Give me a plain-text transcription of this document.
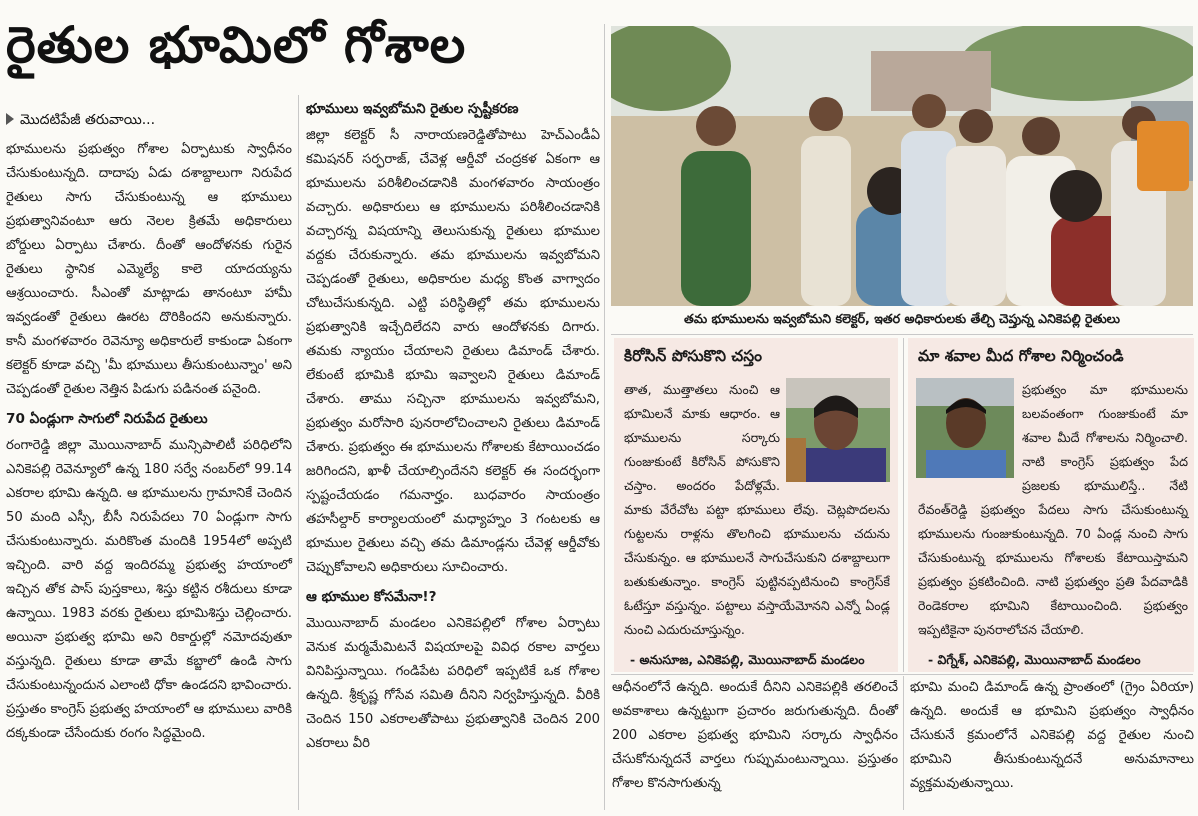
రైతుల భూమిలో గోశాల
మొదటిపేజీ తరువాయి...

భూములను ప్రభుత్వం గోశాల ఏర్పాటుకు స్వాధీనం చేసుకుంటున్నది. దాదాపు ఏడు దశాబ్దాలుగా నిరుపేద రైతులు సాగు చేసుకుంటున్న ఆ భూములు ప్రభుత్వానివంటూ ఆరు నెలల క్రితమే అధికారులు బోర్డులు ఏర్పాటు చేశారు. దీంతో ఆందోళనకు గురైన రైతులు స్థానిక ఎమ్మెల్యే కాలె యాదయ్యను ఆశ్రయించారు. సీఎంతో మాట్లాడు తానంటూ హామీ ఇవ్వడంతో రైతులు ఊరట దొరికిందని అనుకున్నారు. కానీ మంగళవారం రెవెన్యూ అధికారులే కాకుండా ఏకంగా కలెక్టర్ కూడా వచ్చి 'మీ భూములు తీసుకుంటున్నాం' అని చెప్పడంతో రైతుల నెత్తిన పిడుగు పడినంత పనైంది.

70 ఏండ్లుగా సాగులో నిరుపేద రైతులు

రంగారెడ్డి జిల్లా మొయినాబాద్ మున్సిపాలిటీ పరిధిలోని ఎనికెపల్లి రెవెన్యూలో ఉన్న 180 సర్వే నంబర్‌లో 99.14 ఎకరాల భూమి ఉన్నది. ఆ భూములను గ్రామానికే చెందిన 50 మంది ఎస్సీ, బీసీ నిరుపేదలు 70 ఏండ్లుగా సాగు చేసుకుంటున్నారు. మరికొంత మందికి 1954లో అప్పటి ఇచ్చింది. వారి వద్ద ఇందిరమ్మ ప్రభుత్వ హయాంలో ఇచ్చిన తోక పాస్ పుస్తకాలు, శిస్తు కట్టిన రశీదులు కూడా ఉన్నాయి. 1983 వరకు రైతులు భూమిశిస్తు చెల్లించారు. అయినా ప్రభుత్వ భూమి అని రికార్డుల్లో నమోదవుతూ వస్తున్నది. రైతులు కూడా తామే కబ్జాలో ఉండి సాగు చేసుకుంటున్నందున ఎలాంటి ధోకా ఉండదని భావించారు. ప్రస్తుతం కాంగ్రెస్ ప్రభుత్వ హయాంలో ఆ భూములు వారికి దక్కకుండా చేసేందుకు రంగం సిద్ధమైంది.

భూములు ఇవ్వబోమని రైతుల స్పష్టీకరణ

జిల్లా కలెక్టర్ సీ నారాయణరెడ్డితోపాటు హెచ్ఎండీఏ కమిషనర్ సర్ఫరాజ్, చేవెళ్ల ఆర్డీవో చంద్రకళ ఏకంగా ఆ భూములను పరిశీలించడానికి మంగళవారం సాయంత్రం వచ్చారు. అధికారులు ఆ భూములను పరిశీలించడానికి వచ్చారన్న విషయాన్ని తెలుసుకున్న రైతులు భూముల వద్దకు చేరుకున్నారు. తమ భూములను ఇవ్వబోమని చెప్పడంతో రైతులు, అధికారుల మధ్య కొంత వాగ్వాదం చోటుచేసుకున్నది. ఎట్టి పరిస్థితిల్లో తమ భూములను ప్రభుత్వానికి ఇచ్చేదిలేదని వారు ఆందోళనకు దిగారు. తమకు న్యాయం చేయాలని రైతులు డిమాండ్ చేశారు. లేకుంటే భూమికి భూమి ఇవ్వాలని రైతులు డిమాండ్ చేశారు. తాము సచ్చినా భూములను ఇవ్వబోమని, ప్రభుత్వం మరోసారి పునరాలోచించాలని రైతులు డిమాండ్ చేశారు. ప్రభుత్వం ఈ భూములను గోశాలకు కేటాయించడం జరిగిందని, ఖాళీ చేయాల్సిందేనని కలెక్టర్ ఈ సందర్భంగా స్పష్టంచేయడం గమనార్హం. బుధవారం సాయంత్రం తహసీల్దార్ కార్యాలయంలో మధ్యాహ్నం 3 గంటలకు ఆ భూముల రైతులు వచ్చి తమ డిమాండ్లను చేవెళ్ల ఆర్డీవోకు చెప్పుకోవాలని అధికారులు సూచించారు.

ఆ భూముల కోసమేనా!?

మొయినాబాద్ మండలం ఎనికెపల్లిలో గోశాల ఏర్పాటు వెనుక మర్మమేమిటనే విషయాలపై వివిధ రకాల వార్తలు వినిపిస్తున్నాయి. గండిపేట పరిధిలో ఇప్పటికే ఒక గోశాల ఉన్నది. శ్రీకృష్ణ గోసేవ సమితి దీనిని నిర్వహిస్తున్నది. వీరికి చెందిన 150 ఎకరాలతోపాటు ప్రభుత్వానికి చెందిన 200 ఎకరాలు వీరి

తమ భూములను ఇవ్వబోమని కలెక్టర్, ఇతర అధికారులకు తేల్చి చెప్తున్న ఎనికెపల్లి రైతులు
కిరోసిన్ పోసుకొని చస్తం

తాత, ముత్తాతలు నుంచి ఆ భూమిలనే మాకు ఆధారం. ఆ భూములను సర్కారు గుంజుకుంటే కిరోసిన్ పోసుకొని చస్తాం. అందరం పేదోళ్లమే. మాకు వేరేచోట పట్టా భూములు లేవు. చెట్లపొదలను గుట్టలను రాళ్లను తొలగించి భూములను చదును చేసుకున్నం. ఆ భూములనే సాగుచేసుకుని దశాబ్దాలుగా బతుకుతున్నాం. కాంగ్రెస్ పుట్టినప్పటినుంచి కాంగ్రెస్‌కే ఓటేస్తూ వస్తున్నం. పట్టాలు వస్తాయేమోనని ఎన్నో ఏండ్ల నుంచి ఎదురుచూస్తున్నం.

- అనుసూజ, ఎనికెపల్లి, మొయినాబాద్ మండలం
మా శవాల మీద గోశాల నిర్మించండి

ప్రభుత్వం మా భూములను బలవంతంగా గుంజుకుంటే మా శవాల మీదే గోశాలను నిర్మించాలి. నాటి కాంగ్రెస్ ప్రభుత్వం పేద ప్రజలకు భూములిస్తే.. నేటి రేవంత్‌రెడ్డి ప్రభుత్వం పేదలు సాగు చేసుకుంటున్న భూములను గుంజుకుంటున్నది. 70 ఏండ్ల నుంచి సాగు చేసుకుంటున్న భూములను గోశాలకు కేటాయిస్తామని ప్రభుత్వం ప్రకటించింది. నాటి ప్రభుత్వం ప్రతి పేదవాడికి రెండెకరాల భూమిని కేటాయించింది. ప్రభుత్వం ఇప్పటికైనా పునరాలోచన చేయాలి.

- విగ్నేశ్, ఎనికెపల్లి, మొయినాబాద్ మండలం

ఆధీనంలోనే ఉన్నది. అందుకే దీనిని ఎనికెపల్లికి తరలించే అవకాశాలు ఉన్నట్టుగా ప్రచారం జరుగుతున్నది. దీంతో 200 ఎకరాల ప్రభుత్వ భూమిని సర్కారు స్వాధీనం చేసుకోనున్నదనే వార్తలు గుప్పుమంటున్నాయి. ప్రస్తుతం గోశాల కొనసాగుతున్న

భూమి మంచి డిమాండ్ ఉన్న ప్రాంతంలో (గ్రైం ఏరియా) ఉన్నది. అందుకే ఆ భూమిని ప్రభుత్వం స్వాధీనం చేసుకునే క్రమంలోనే ఎనికెపల్లి వద్ద రైతుల నుంచి భూమిని తీసుకుంటున్నదనే అనుమానాలు వ్యక్తమవుతున్నాయి.
